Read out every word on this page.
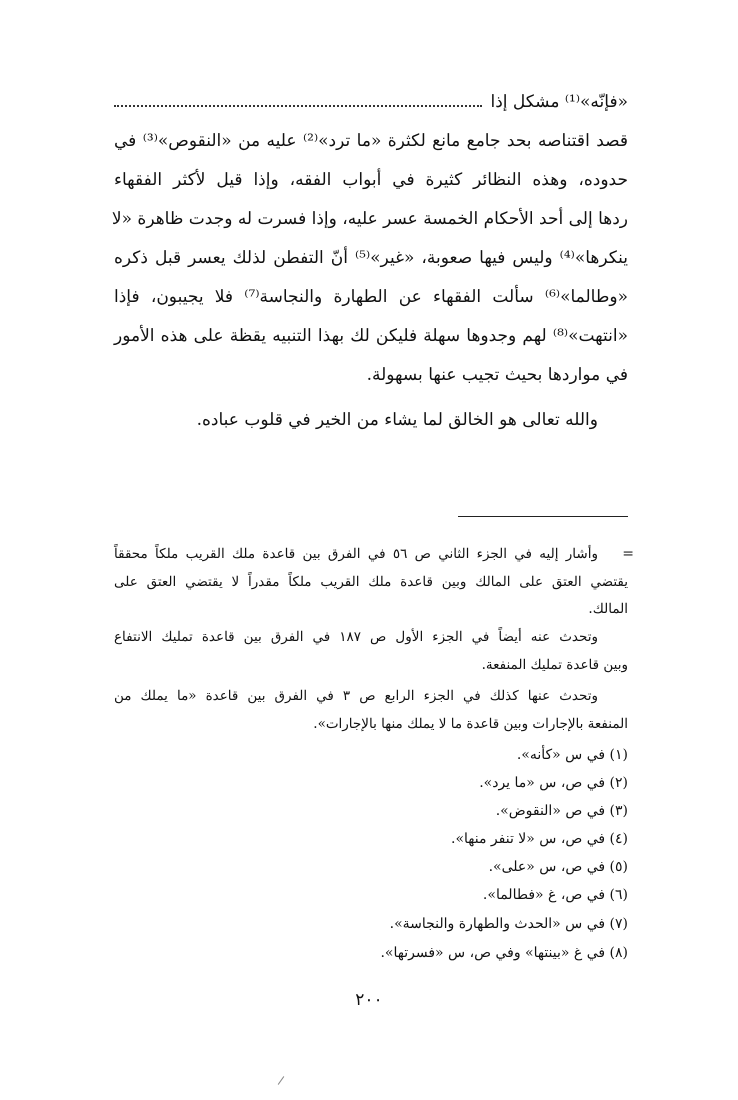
«فإنّه»⁽¹⁾ مشكل إذا
قصد اقتناصه بحد جامع مانع لكثرة «ما ترد»⁽²⁾ عليه من «النقوص»⁽³⁾ في
حدوده، وهذه النظائر كثيرة في أبواب الفقه، وإذا قيل لأكثر الفقهاء
ردها إلى أحد الأحكام الخمسة عسر عليه، وإذا فسرت له وجدت ظاهرة «لا
ينكرها»⁽⁴⁾ وليس فيها صعوبة، «غير»⁽⁵⁾ أنّ التفطن لذلك يعسر قبل ذكره
«وطالما»⁽⁶⁾ سألت الفقهاء عن الطهارة والنجاسة⁽⁷⁾ فلا يجيبون، فإذا
«انتهت»⁽⁸⁾ لهم وجدوها سهلة فليكن لك بهذا التنبيه يقظة على هذه الأمور
في مواردها بحيث تجيب عنها بسهولة.
والله تعالى هو الخالق لما يشاء من الخير في قلوب عباده.
=
وأشار إليه في الجزء الثاني ص ٥٦ في الفرق بين قاعدة ملك القريب ملكاً محققاً
يقتضي العتق على المالك وبين قاعدة ملك القريب ملكاً مقدراً لا يقتضي العتق على
المالك.
وتحدث عنه أيضاً في الجزء الأول ص ١٨٧ في الفرق بين قاعدة تمليك الانتفاع
وبين قاعدة تمليك المنفعة.
وتحدث عنها كذلك في الجزء الرابع ص ٣ في الفرق بين قاعدة «ما يملك من
المنفعة بالإجارات وبين قاعدة ما لا يملك منها بالإجارات».
(١) في س «كأنه».
(٢) في ص، س «ما يرد».
(٣) في ص «النقوض».
(٤) في ص، س «لا تنفر منها».
(٥) في ص، س «على».
(٦) في ص، غ «فطالما».
(٧) في س «الحدث والطهارة والنجاسة».
(٨) في غ «بينتها» وفي ص، س «فسرتها».
٢٠٠
